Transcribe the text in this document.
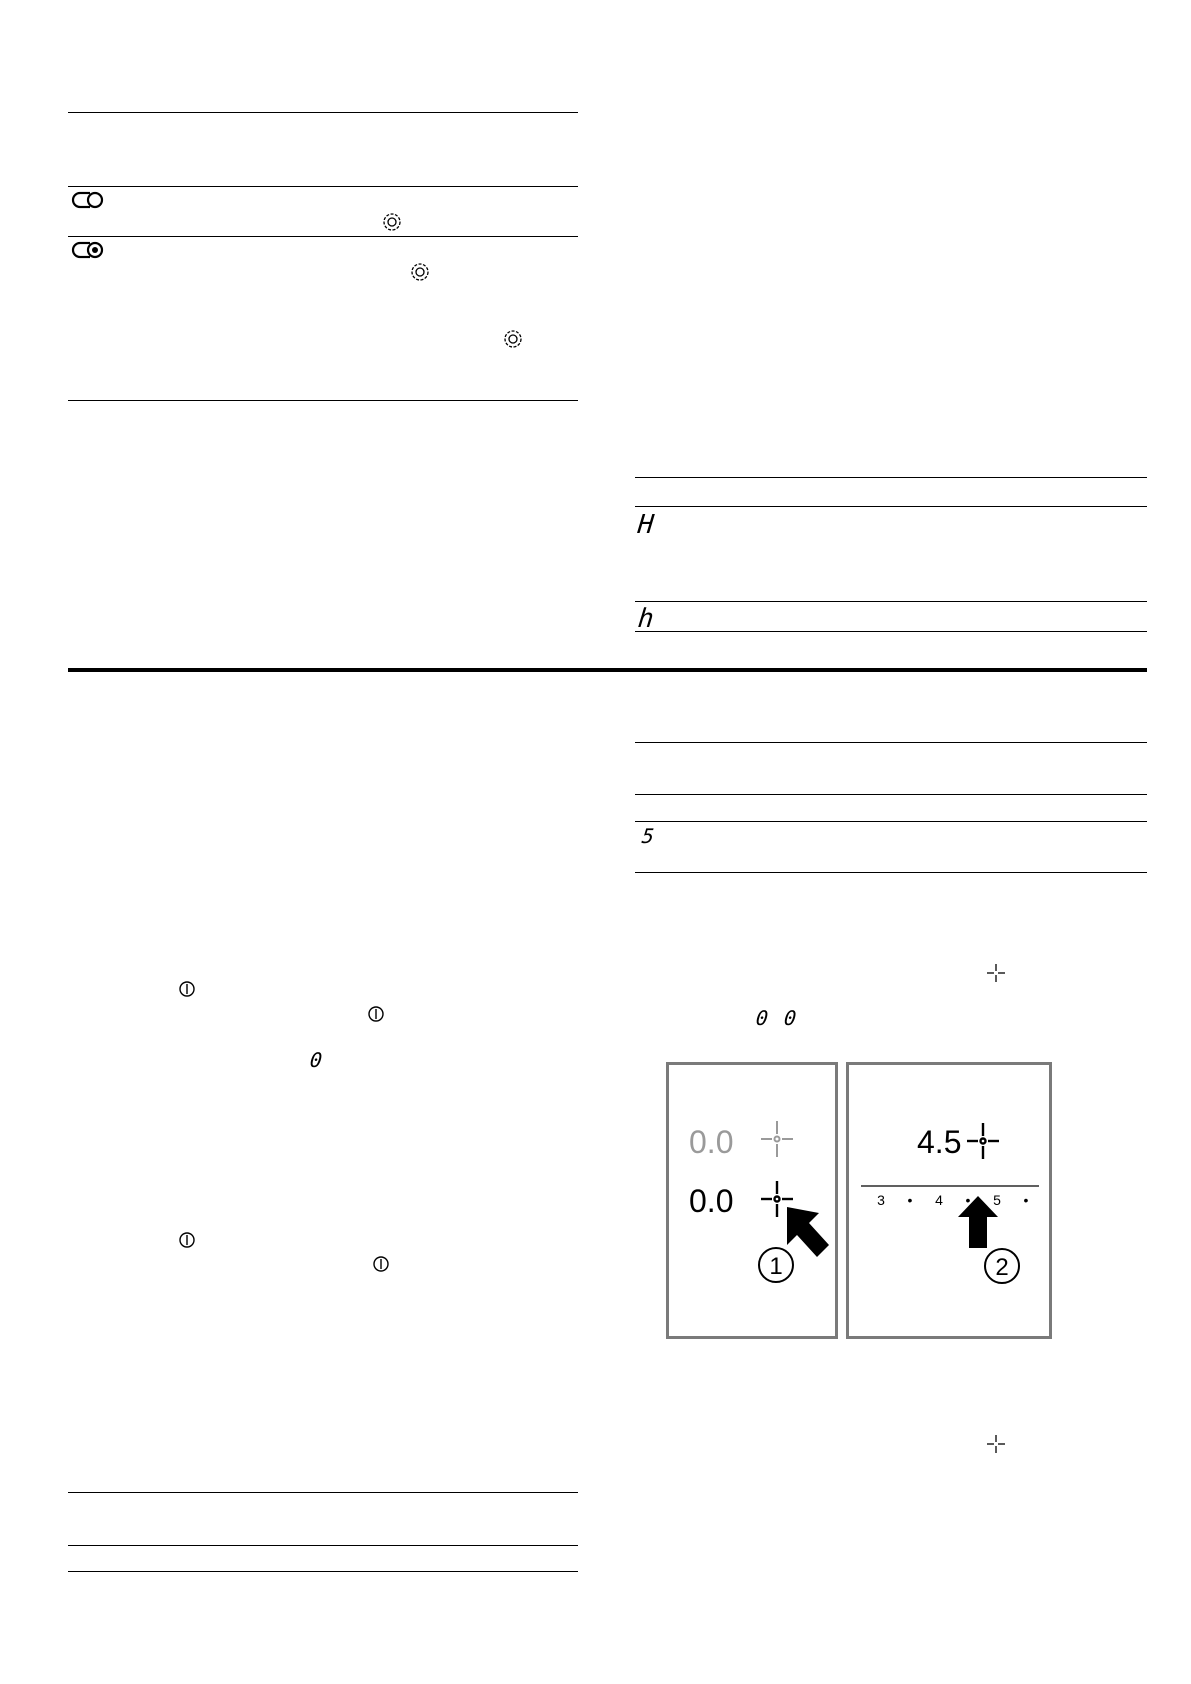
H
h
5
0
0 0
0.0
0.0
1
4.5
3 • 4 • 5 •
2
